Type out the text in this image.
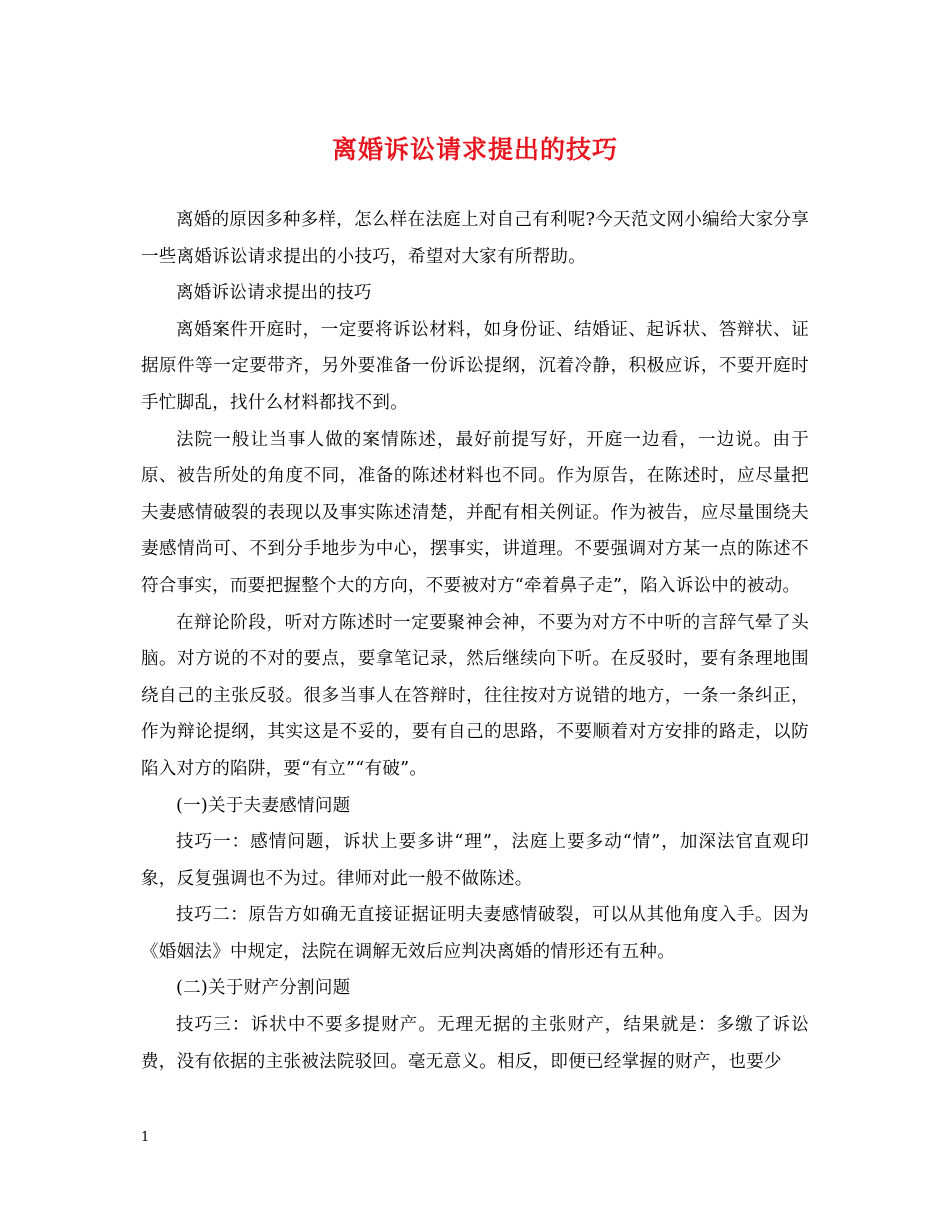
离婚诉讼请求提出的技巧

离婚的原因多种多样，怎么样在法庭上对自己有利呢?今天范文网小编给大家分享一些离婚诉讼请求提出的小技巧，希望对大家有所帮助。

离婚诉讼请求提出的技巧

离婚案件开庭时，一定要将诉讼材料，如身份证、结婚证、起诉状、答辩状、证据原件等一定要带齐，另外要准备一份诉讼提纲，沉着冷静，积极应诉，不要开庭时手忙脚乱，找什么材料都找不到。

法院一般让当事人做的案情陈述，最好前提写好，开庭一边看，一边说。由于原、被告所处的角度不同，准备的陈述材料也不同。作为原告，在陈述时，应尽量把夫妻感情破裂的表现以及事实陈述清楚，并配有相关例证。作为被告，应尽量围绕夫妻感情尚可、不到分手地步为中心，摆事实，讲道理。不要强调对方某一点的陈述不符合事实，而要把握整个大的方向，不要被对方“牵着鼻子走”，陷入诉讼中的被动。

在辩论阶段，听对方陈述时一定要聚神会神，不要为对方不中听的言辞气晕了头脑。对方说的不对的要点，要拿笔记录，然后继续向下听。在反驳时，要有条理地围绕自己的主张反驳。很多当事人在答辩时，往往按对方说错的地方，一条一条纠正，作为辩论提纲，其实这是不妥的，要有自己的思路，不要顺着对方安排的路走，以防陷入对方的陷阱，要“有立”“有破”。

(一)关于夫妻感情问题

技巧一：感情问题，诉状上要多讲“理”，法庭上要多动“情”，加深法官直观印象，反复强调也不为过。律师对此一般不做陈述。

技巧二：原告方如确无直接证据证明夫妻感情破裂，可以从其他角度入手。因为《婚姻法》中规定，法院在调解无效后应判决离婚的情形还有五种。

(二)关于财产分割问题

技巧三：诉状中不要多提财产。无理无据的主张财产，结果就是：多缴了诉讼费，没有依据的主张被法院驳回。毫无意义。相反，即便已经掌握的财产，也要少

1
